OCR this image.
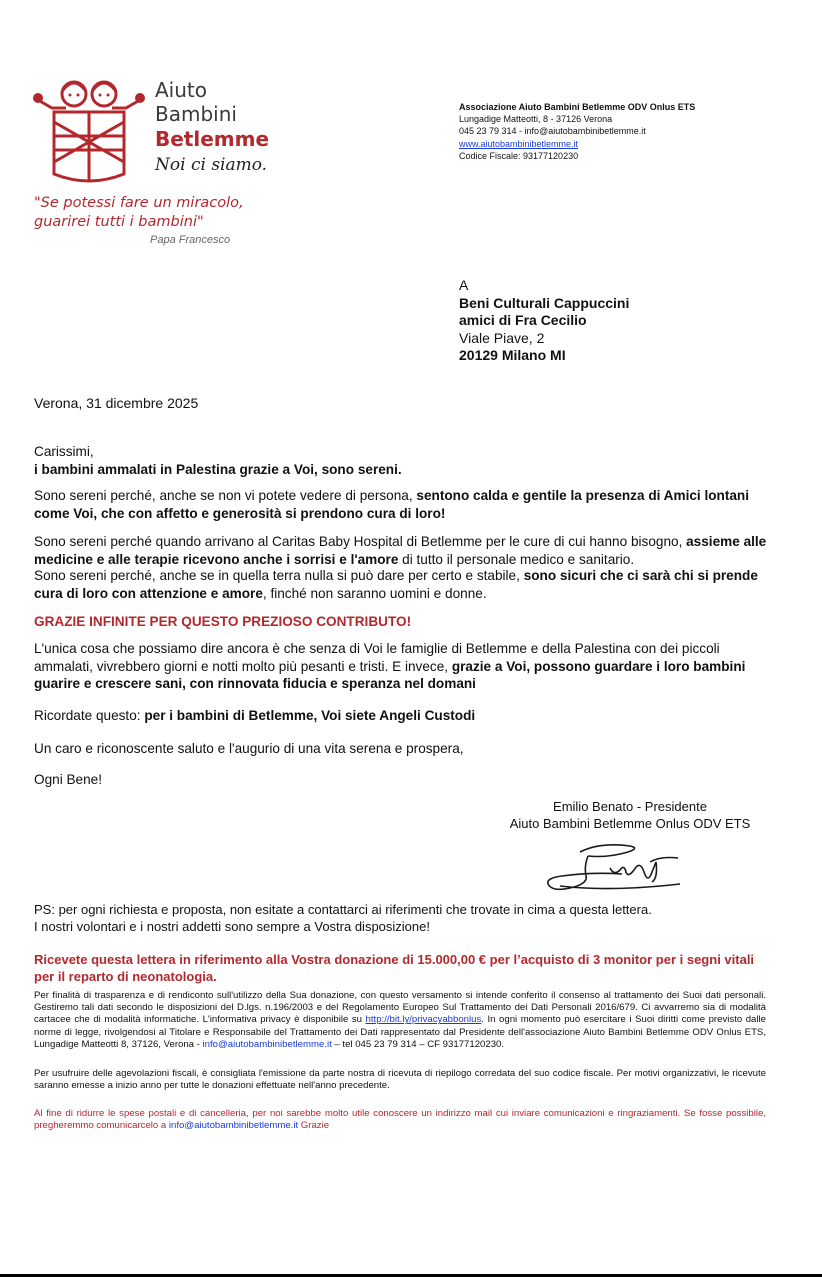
Aiuto
Bambini
Betlemme
Noi ci siamo.
"Se potessi fare un miracolo,
guarirei tutti i bambini"
Papa Francesco
Associazione Aiuto Bambini Betlemme ODV Onlus ETS
Lungadige Matteotti, 8 - 37126 Verona
045 23 79 314 - info@aiutobambinibetlemme.it
www.aiutobambinibetlemme.it
Codice Fiscale: 93177120230
A
Beni Culturali Cappuccini
amici di Fra Cecilio
Viale Piave, 2
20129 Milano MI
Verona, 31 dicembre 2025
Carissimi,
i bambini ammalati in Palestina grazie a Voi, sono sereni.
Sono sereni perché, anche se non vi potete vedere di persona, sentono calda e gentile la presenza di Amici lontani come Voi, che con affetto e generosità si prendono cura di loro!
Sono sereni perché quando arrivano al Caritas Baby Hospital di Betlemme per le cure di cui hanno bisogno, assieme alle medicine e alle terapie ricevono anche i sorrisi e l'amore di tutto il personale medico e sanitario.
Sono sereni perché, anche se in quella terra nulla si può dare per certo e stabile, sono sicuri che ci sarà chi si prende cura di loro con attenzione e amore, finché non saranno uomini e donne.
GRAZIE INFINITE PER QUESTO PREZIOSO CONTRIBUTO!
L'unica cosa che possiamo dire ancora è che senza di Voi le famiglie di Betlemme e della Palestina con dei piccoli ammalati, vivrebbero giorni e notti molto più pesanti e tristi. E invece, grazie a Voi, possono guardare i loro bambini guarire e crescere sani, con rinnovata fiducia e speranza nel domani
Ricordate questo: per i bambini di Betlemme, Voi siete Angeli Custodi
Un caro e riconoscente saluto e l'augurio di una vita serena e prospera,
Ogni Bene!
Emilio Benato - Presidente
Aiuto Bambini Betlemme Onlus ODV ETS
PS: per ogni richiesta e proposta, non esitate a contattarci ai riferimenti che trovate in cima a questa lettera.
I nostri volontari e i nostri addetti sono sempre a Vostra disposizione!
Ricevete questa lettera in riferimento alla Vostra donazione di 15.000,00 € per l’acquisto di 3 monitor per i segni vitali per il reparto di neonatologia.
Per finalità di trasparenza e di rendiconto sull'utilizzo della Sua donazione, con questo versamento si intende conferito il consenso al trattamento dei Suoi dati personali. Gestiremo tali dati secondo le disposizioni del D.lgs. n.196/2003 e del Regolamento Europeo Sul Trattamento dei Dati Personali 2016/679. Ci avvarremo sia di modalità cartacee che di modalità informatiche. L'informativa privacy è disponibile su http://bit.ly/privacyabbonlus. In ogni momento può esercitare i Suoi diritti come previsto dalle norme di legge, rivolgendosi al Titolare e Responsabile del Trattamento dei Dati rappresentato dal Presidente dell'associazione Aiuto Bambini Betlemme ODV Onlus ETS, Lungadige Matteotti 8, 37126, Verona - info@aiutobambinibetlemme.it – tel 045 23 79 314 – CF 93177120230.
Per usufruire delle agevolazioni fiscali, è consigliata l'emissione da parte nostra di ricevuta di riepilogo corredata del suo codice fiscale. Per motivi organizzativi, le ricevute saranno emesse a inizio anno per tutte le donazioni effettuate nell'anno precedente.
Al fine di ridurre le spese postali e di cancelleria, per noi sarebbe molto utile conoscere un indirizzo mail cui inviare comunicazioni e ringraziamenti. Se fosse possibile, pregheremmo comunicarcelo a info@aiutobambinibetlemme.it Grazie
